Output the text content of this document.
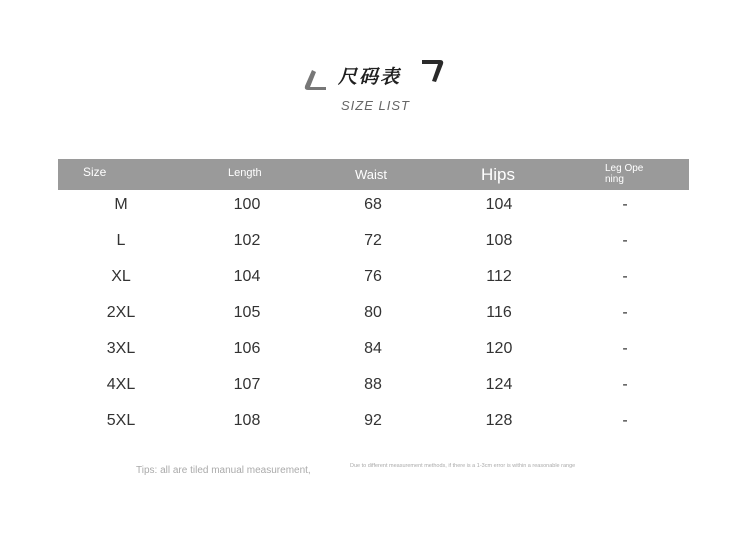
尺码表
SIZE LIST
Size	Length	Waist	Hips	Leg Opening
M	100	68	104	-
L	102	72	108	-
XL	104	76	112	-
2XL	105	80	116	-
3XL	106	84	120	-
4XL	107	88	124	-
5XL	108	92	128	-
Tips: all are tiled manual measurement,	Due to different measurement methods, if there is a 1-3cm error is within a reasonable range
